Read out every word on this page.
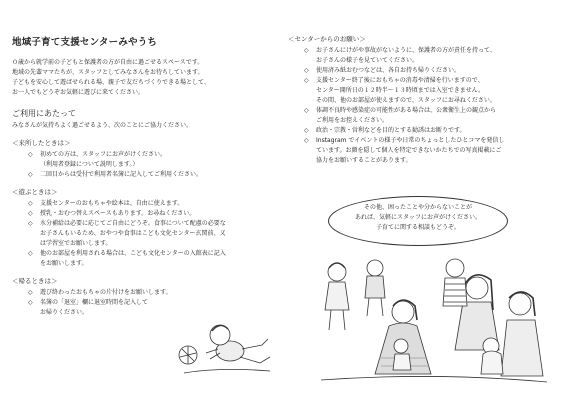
地域子育て支援センターみやうち

０歳から就学前の子どもと保護者の方が自由に過ごせるスペースです。

地域の先輩ママたちが、スタッフとしてみなさんをお待ちしています。

子どもを安心して遊ばせられる場、親子で友だちづくりできる場として、

お一人でもどうぞお気軽に遊びに来てください。

ご利用にあたって

みなさんが気持ちよく過ごせるよう、次のことにご協力ください。

＜来所したときは＞
◇ 初めての方は、スタッフにお声がけください。
（利用者登録について説明します。）
◇ 二回目からは受付で利用者名簿に記入してご利用ください。
＜遊ぶときは＞
◇ 支援センターのおもちゃや絵本は、自由に使えます。
◇ 授乳・おむつ替えスペースもあります。お尋ねください。
◇ 水分補給は必要に応じてご自由にどうぞ。食事について配慮の必要な
お子さんもいるため、おやつや食事はこども文化センター玄関前、又
は学習室でお願いします。
◇ 他のお部屋を利用される場合は、こども文化センターの入館表に記入
をお願いします。
＜帰るときは＞
◇ 遊び終わったおもちゃの片付けをお願いします。
◇ 名簿の「退室」欄に退室時間を記入して
お帰りください。
＜センターからのお願い＞
◇ お子さんにけがや事故がないように、保護者の方が責任を持って、
お子さんの様子を見ていてください。
◇ 使用済み紙おむつなどは、各自お持ち帰りください。
◇ 支援センター終了後におもちゃの消毒や清掃を行いますので、
センター開所日の１２時半〜１３時頃までは入室できません。
その間、他のお部屋が使えますので、スタッフにお尋ねください。
◇ 体調不良時や感染症の可能性がある場合は、公衆衛生上の観点から
ご利用をお控えください。
◇ 政治・宗教・営利などを目的とする勧誘はお断りです。
◇ Instagram でイベントの様子や日常のちょっとしたひとコマを発信し
ています。お顔を隠して個人を特定できないかたちでの写真掲載にご
協力をお願いすることがあります。

その他、困ったことや分からないことが

あれば、気軽にスタッフにお声がけください。

子育てに関する相談もどうぞ。
